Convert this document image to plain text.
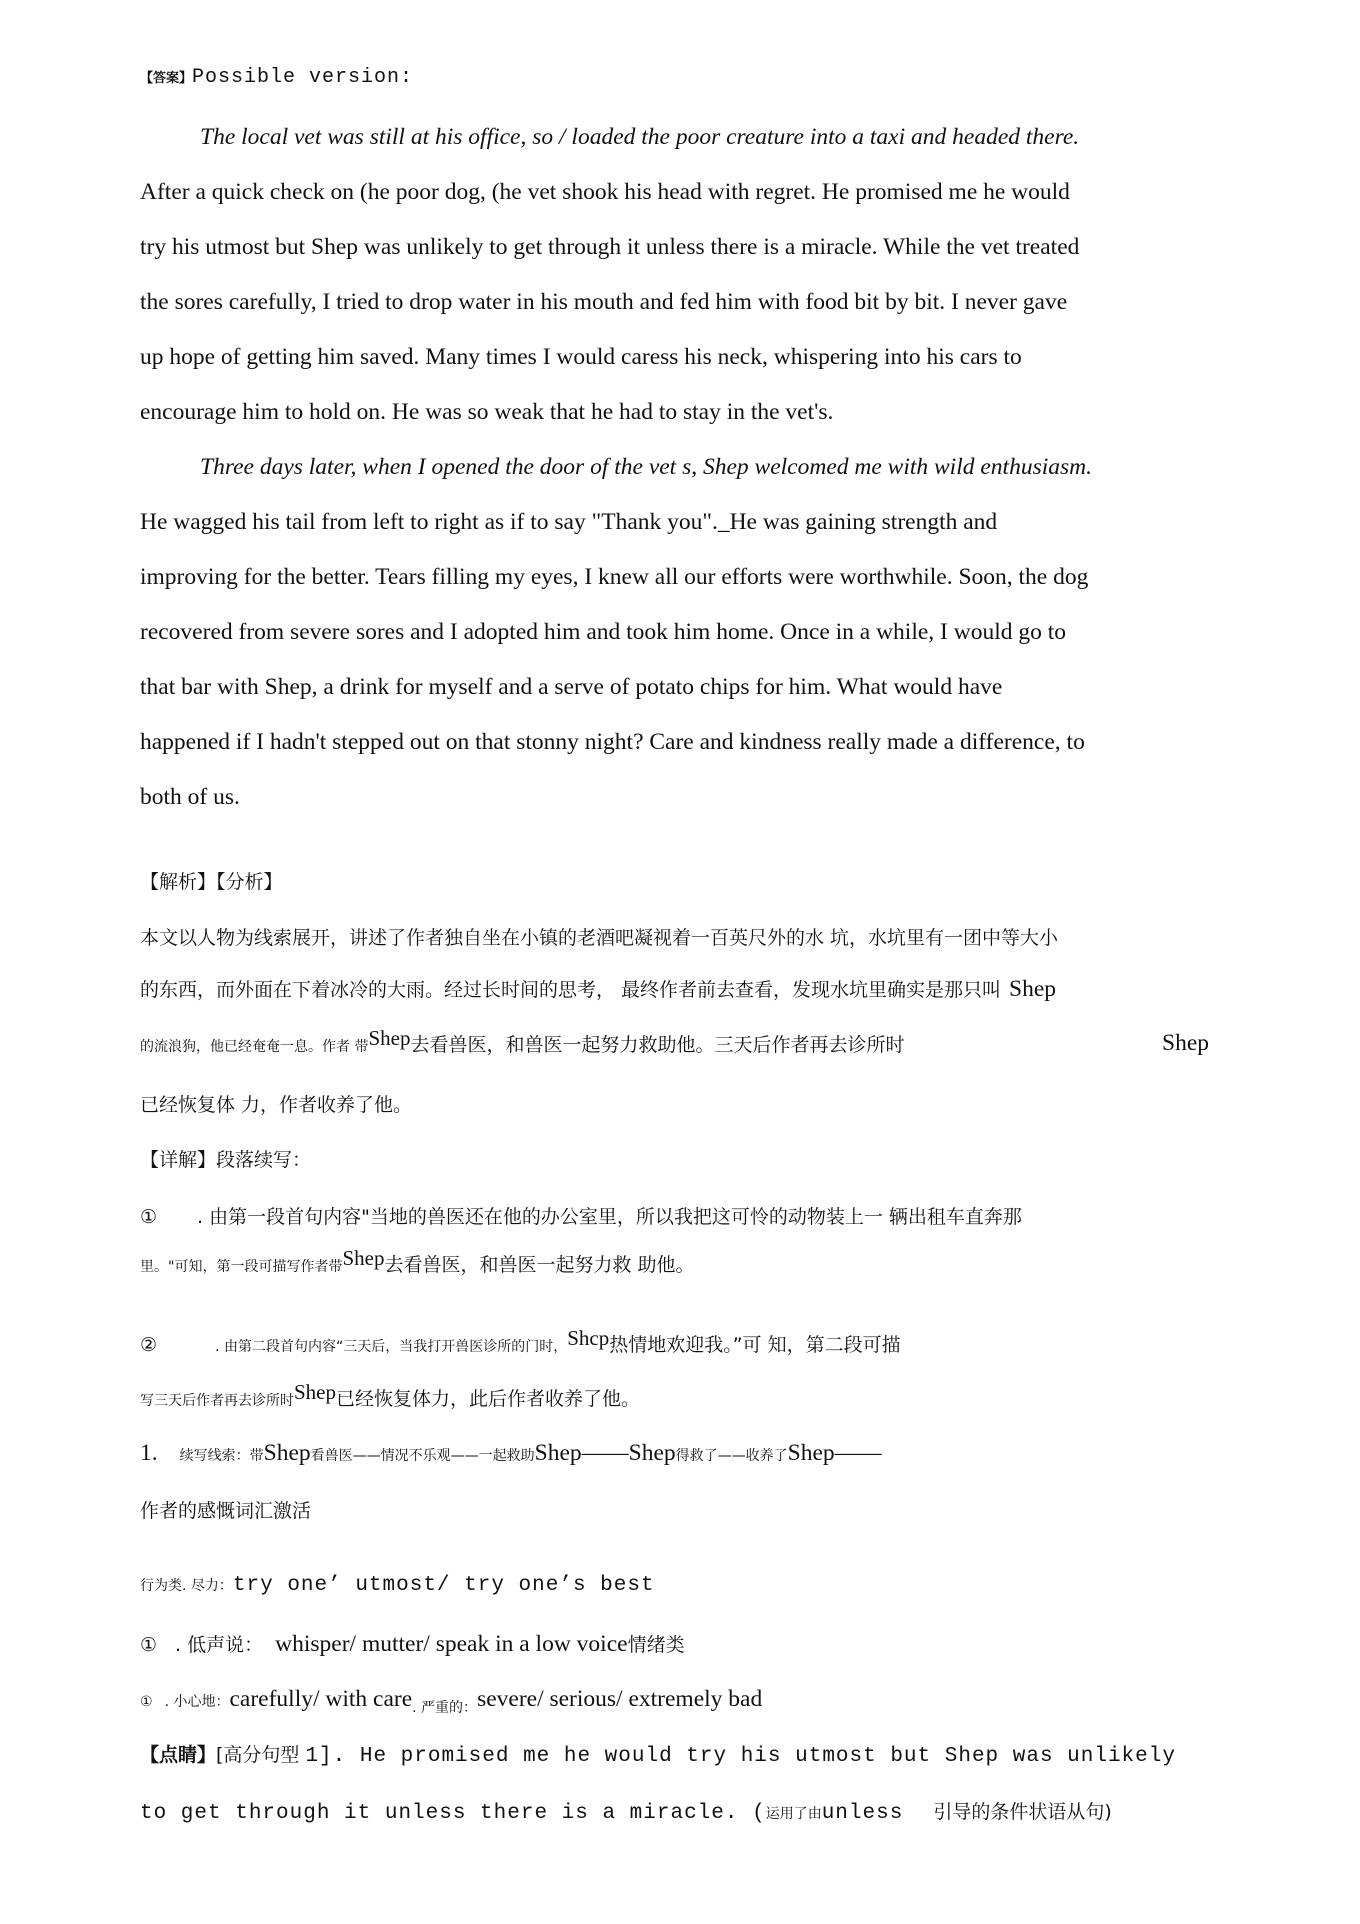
【答案】Possible version:
The local vet was still at his office, so / loaded the poor creature into a taxi and headed there.
After a quick check on (he poor dog, (he vet shook his head with regret. He promised me he would
try his utmost but Shep was unlikely to get through it unless there is a miracle. While the vet treated
the sores carefully, I tried to drop water in his mouth and fed him with food bit by bit. I never gave
up hope of getting him saved. Many times I would caress his neck, whispering into his cars to
encourage him to hold on. He was so weak that he had to stay in the vet's.
Three days later, when I opened the door of the vet s, Shep welcomed me with wild enthusiasm.
He wagged his tail from left to right as if to say "Thank you"._He was gaining strength and
improving for the better. Tears filling my eyes, I knew all our efforts were worthwhile. Soon, the dog
recovered from severe sores and I adopted him and took him home. Once in a while, I would go to
that bar with Shep, a drink for myself and a serve of potato chips for him. What would have
happened if I hadn't stepped out on that stonny night? Care and kindness really made a difference, to
both of us.
【解析】【分析】
本文以人物为线索展开，讲述了作者独自坐在小镇的老酒吧凝视着一百英尺外的水 坑，水坑里有一团中等大小
的东西，而外面在下着冰冷的大雨。经过长时间的思考， 最终作者前去查看，发现水坑里确实是那只叫 Shep
的流浪狗，他已经奄奄一息。作者 带Shep去看兽医，和兽医一起努力救助他。三天后作者再去诊所时	Shep
已经恢复体 力，作者收养了他。
【详解】段落续写：
① . 由第一段首句内容"当地的兽医还在他的办公室里，所以我把这可怜的动物装上一 辆出租车直奔那
里。"可知，第一段可描写作者带Shep去看兽医，和兽医一起努力救 助他。
②	. 由第二段首句内容“三天后，当我打开兽医诊所的门时，Shcp热情地欢迎我。”可 知，第二段可描
写三天后作者再去诊所时Shep已经恢复体力，此后作者收养了他。
1. 续写线索：带Shep看兽医——情况不乐观——一起救助Shep——Shep得救了——收养了Shep——
作者的感慨词汇激活
行为类. 尽力：try one’ utmost/ try one’s best
① . 低声说： whisper/ mutter/ speak in a low voice情绪类
① . 小心地：carefully/ with care. 严重的：severe/ serious/ extremely bad
【点睛】[高分句型 1]. He promised me he would try his utmost but Shep was unlikely
to get through it unless there is a miracle. (运用了由unless 引导的条件状语从句)
